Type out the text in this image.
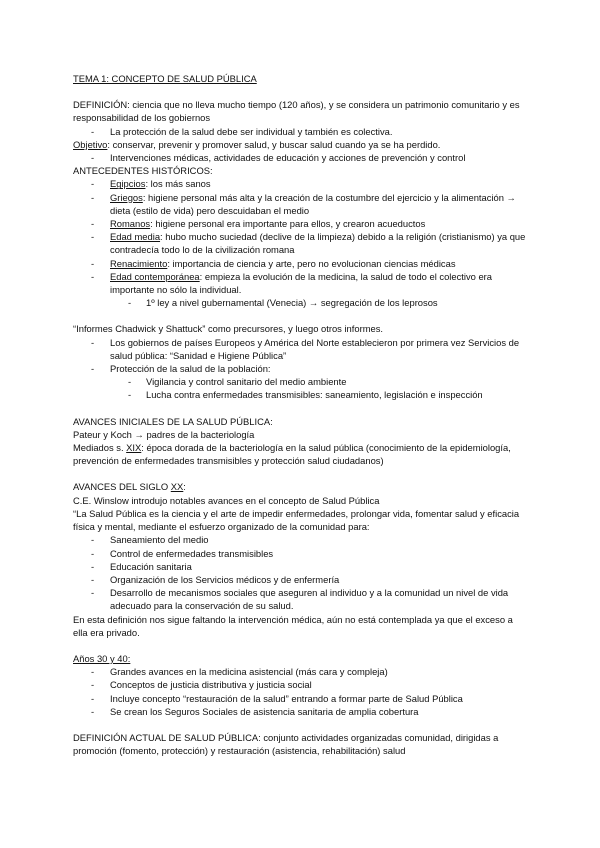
TEMA 1: CONCEPTO DE SALUD PÚBLICA

DEFINICIÓN: ciencia que no lleva mucho tiempo (120 años), y se considera un patrimonio comunitario y es responsabilidad de los gobiernos

- La protección de la salud debe ser individual y también es colectiva.

Objetivo: conservar, prevenir y promover salud, y buscar salud cuando ya se ha perdido.

- Intervenciones médicas, actividades de educación y acciones de prevención y control

ANTECEDENTES HISTÓRICOS:

- Egipcios: los más sanos

- Griegos: higiene personal más alta y la creación de la costumbre del ejercicio y la alimentación → dieta (estilo de vida) pero descuidaban el medio

- Romanos: higiene personal era importante para ellos, y crearon acueductos

- Edad media: hubo mucho suciedad (declive de la limpieza) debido a la religión (cristianismo) ya que contradecía todo lo de la civilización romana

- Renacimiento: importancia de ciencia y arte, pero no evolucionan ciencias médicas

- Edad contemporánea: empieza la evolución de la medicina, la salud de todo el colectivo era importante no sólo la individual.

- 1º ley a nivel gubernamental (Venecia) → segregación de los leprosos

“Informes Chadwick y Shattuck” como precursores, y luego otros informes.

- Los gobiernos de países Europeos y América del Norte establecieron por primera vez Servicios de salud pública: “Sanidad e Higiene Pública”

- Protección de la salud de la población:

- Vigilancia y control sanitario del medio ambiente

- Lucha contra enfermedades transmisibles: saneamiento, legislación e inspección

AVANCES INICIALES DE LA SALUD PÚBLICA:

Pateur y Koch → padres de la bacteriología

Mediados s. XIX: época dorada de la bacteriología en la salud pública (conocimiento de la epidemiología, prevención de enfermedades transmisibles y protección salud ciudadanos)

AVANCES DEL SIGLO XX:

C.E. Winslow introdujo notables avances en el concepto de Salud Pública

“La Salud Pública es la ciencia y el arte de impedir enfermedades, prolongar vida, fomentar salud y eficacia física y mental, mediante el esfuerzo organizado de la comunidad para:

- Saneamiento del medio

- Control de enfermedades transmisibles

- Educación sanitaria

- Organización de los Servicios médicos y de enfermería

- Desarrollo de mecanismos sociales que aseguren al individuo y a la comunidad un nivel de vida adecuado para la conservación de su salud.

En esta definición nos sigue faltando la intervención médica, aún no está contemplada ya que el exceso a ella era privado.

Años 30 y 40:

- Grandes avances en la medicina asistencial (más cara y compleja)

- Conceptos de justicia distributiva y justicia social

- Incluye concepto “restauración de la salud” entrando a formar parte de Salud Pública

- Se crean los Seguros Sociales de asistencia sanitaria de amplia cobertura

DEFINICIÓN ACTUAL DE SALUD PÚBLICA: conjunto actividades organizadas comunidad, dirigidas a promoción (fomento, protección) y restauración (asistencia, rehabilitación) salud
